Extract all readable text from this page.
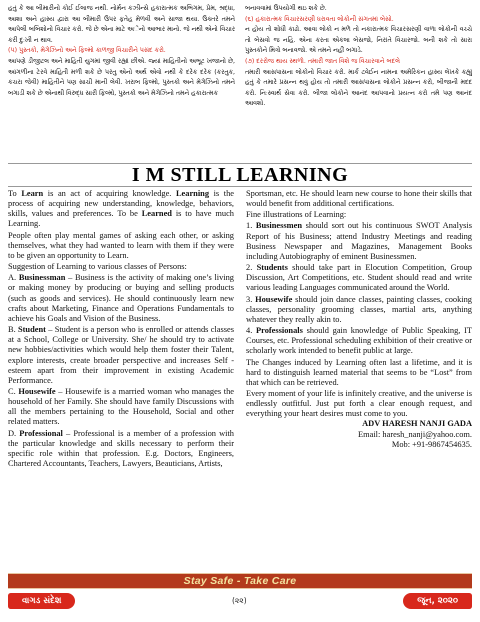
હતું કે આ બીમારીનો કોઈ ઈલાજ નથી. નોર્મન કઝીન્સે હકારાત્મક અભિગમ, પ્રેમ, શ્રદ્ધા, આશા અને હાસ્ય દ્વારા આ બીમારી ઉપર ફતેહ મેળવી અને સાજા થયા. ઉક્તરે તમને આપેલી બબિશોનો વિચાર કરો. જે છે એના માટે અેનો આભાર માનો. જે નથી એનો વિચાર કરી દુઃખી ન થાવ.

(૫) પુસ્તકો, મેગેઝિનો અને ફિલ્મો કાળજી વિચારીને પસંદ કરો.

આપણે ડીજીટલ અને માહિતી યુગમાં જીવી રહ્યાં છીએ. જ્યાં માહિતીનો અભૂટ ખજાનો છે, આંગળીના ટેરવે માહિતી મળી શકે છે પરંતુ એનો અર્થ એવો નથી કે દરેક દરેક (કરતુક, કચરા જેવી) માહિતીને પણ સાચી માની લેવી. ખરાબ ફિલ્મો, પુસ્તકો અને મેગેઝિનો તમને બગાડી શકે છે એનાથી વિરુદ્ધ સારી ફિલ્મો, પુસ્તકો અને મેગેઝિનો તમને હકારાત્મક

બનાવવામાં ઉપયોગી થઇ શકે છે.

(૬) હકારાત્મક વિચારસરણી ધરાવતા લોકોની સંગતમાં બેસો.

ન હોય તો શોધી કાઢો. આવા લોકો ન મળે તો નકારાત્મક વિચારસરણી વાળા લોકોની વચ્ચે તો બેસવો જ નહિ. એના કરતા એકલા બેસજો, નિરાંતે વિચારજો. બની શકે તો સારા પુસ્તકોને મિત્રો બનાવજો. એ તમને નહીં બગાડે.

(૭) દરરોજ થાય સ્થળો. તમારી જાત વિશે જ વિચારવાને બદલે

તમારી આસપાસના લોકોનો વિચાર કરો. માર્ક ટ્વેઈન નામના અમેરિકન હાસ્ય લેખકે કહ્યું હતું કે તમારે પ્રસન્ન થવું હોય તો તમારી આસપાસના લોકોને પ્રસન્ન કરો, બીજાની મદદ કરો. નિઃસ્વાર્થ સેવા કરો. બીજા લોકોને આનંદ આપવાનો પ્રયત્ન કરો તમે પણ આનંદ આવશો.

I M STILL LEARNING

To Learn is an act of acquiring knowledge. Learning is the process of acquiring new understanding, knowledge, behaviors, skills, values and preferences. To be Learned is to have much Learning.

People often play mental games of asking each other, or asking themselves, what they had wanted to learn with them if they were to be given an opportunity to Learn.

Suggestion of Learning to various classes of Persons:

A. Businessman – Business is the activity of making one’s living or making money by producing or buying and selling products (such as goods and services). He should continuously learn new crafts about Marketing, Finance and Operations Fundamentals to achieve his Goals and Vision of the Business.

B. Student – Student is a person who is enrolled or attends classes at a School, College or University. She/ he should try to activate new hobbies/activities which would help them foster their Talent, explore interests, create broader perspective and increases Self - esteem apart from their improvement in existing Academic Performance.

C. Housewife – Housewife is a married woman who manages the household of her Family. She should have family Discussions with all the members pertaining to the Household, Social and other related matters.

D. Professional – Professional is a member of a profession with the particular knowledge and skills necessary to perform their specific role within that profession. E.g. Doctors, Engineers, Chartered Accountants, Teachers, Lawyers, Beauticians, Artists,

Sportsman, etc. He should learn new course to hone their skills that would benefit from additional certifications.

Fine illustrations of Learning:

1. Businessmen should sort out his continuous SWOT Analysis Report of his Business; attend Industry Meetings and reading Business Newspaper and Magazines, Management Books including Autobiography of eminent Businessmen.

2. Students should take part in Elocution Competition, Group Discussion, Art Competitions, etc. Student should read and write various leading Languages communicated around the World.

3. Housewife should join dance classes, painting classes, cooking classes, personality grooming classes, martial arts, anything whatever they really akin to.

4. Professionals should gain knowledge of Public Speaking, IT Courses, etc. Professional scheduling exhibition of their creative or scholarly work intended to benefit public at large.

The Changes induced by Learning often last a lifetime, and it is hard to distinguish learned material that seems to be “Lost” from that which can be retrieved.

Every moment of your life is infinitely creative, and the universe is endlessly outfitful. Just put forth a clear enough request, and everything your heart desires must come to you.

ADV HARESH NANJI GADA
Email: haresh_nanji@yahoo.com.
Mob: +91-9867454635.
Stay Safe - Take Care
વાગડ સંદેશ	(૨૨)	જૂન, ૨૦૨૦
